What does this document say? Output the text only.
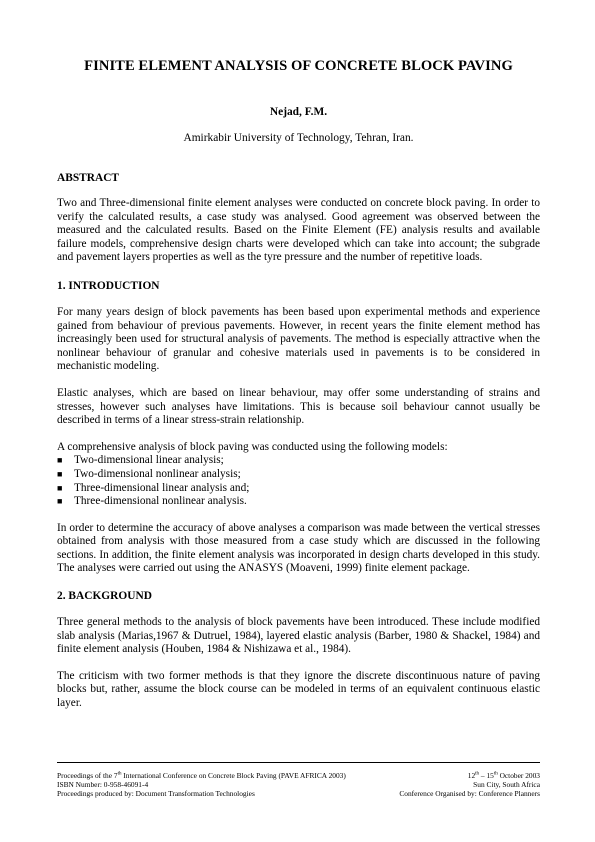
FINITE ELEMENT ANALYSIS OF CONCRETE BLOCK PAVING
Nejad, F.M.
Amirkabir University of Technology, Tehran, Iran.
ABSTRACT

Two and Three-dimensional finite element analyses were conducted on concrete block paving. In order to verify the calculated results, a case study was analysed. Good agreement was observed between the measured and the calculated results. Based on the Finite Element (FE) analysis results and available failure models, comprehensive design charts were developed which can take into account; the subgrade and pavement layers properties as well as the tyre pressure and the number of repetitive loads.

1. INTRODUCTION

For many years design of block pavements has been based upon experimental methods and experience gained from behaviour of previous pavements. However, in recent years the finite element method has increasingly been used for structural analysis of pavements. The method is especially attractive when the nonlinear behaviour of granular and cohesive materials used in pavements is to be considered in mechanistic modeling.

Elastic analyses, which are based on linear behaviour, may offer some understanding of strains and stresses, however such analyses have limitations. This is because soil behaviour cannot usually be described in terms of a linear stress-strain relationship.

A comprehensive analysis of block paving was conducted using the following models:

■ Two-dimensional linear analysis;
■ Two-dimensional nonlinear analysis;
■ Three-dimensional linear analysis and;
■ Three-dimensional nonlinear analysis.

In order to determine the accuracy of above analyses a comparison was made between the vertical stresses obtained from analysis with those measured from a case study which are discussed in the following sections. In addition, the finite element analysis was incorporated in design charts developed in this study. The analyses were carried out using the ANASYS (Moaveni, 1999) finite element package.

2. BACKGROUND

Three general methods to the analysis of block pavements have been introduced. These include modified slab analysis (Marias,1967 & Dutruel, 1984), layered elastic analysis (Barber, 1980 & Shackel, 1984) and finite element analysis (Houben, 1984 & Nishizawa et al., 1984).

The criticism with two former methods is that they ignore the discrete discontinuous nature of paving blocks but, rather, assume the block course can be modeled in terms of an equivalent continuous elastic layer.

Proceedings of the 7th International Conference on Concrete Block Paving (PAVE AFRICA 2003)
ISBN Number: 0-958-46091-4
Proceedings produced by: Document Transformation Technologies
12th – 15th October 2003
Sun City, South Africa
Conference Organised by: Conference Planners
